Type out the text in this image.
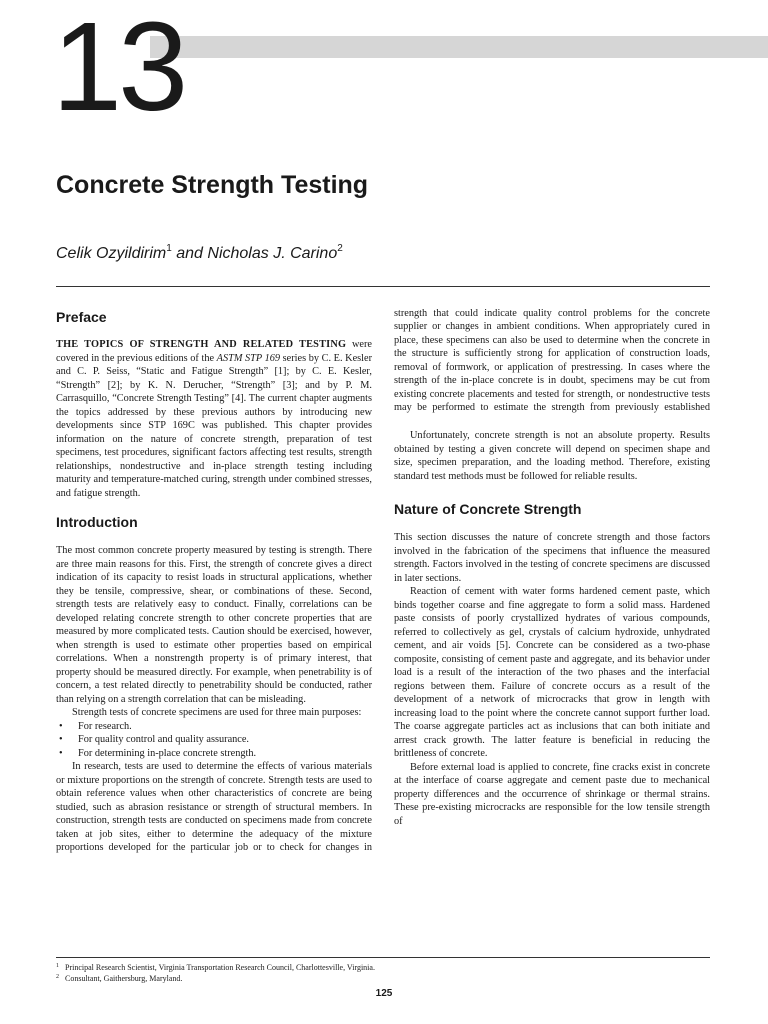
13
Concrete Strength Testing
Celik Ozyildirim$^1$ and Nicholas J. Carino$^2$
Preface

THE TOPICS OF STRENGTH AND RELATED TESTING were covered in the previous editions of the ASTM STP 169 series by C. E. Kesler and C. P. Seiss, “Static and Fatigue Strength” [1]; by C. E. Kesler, “Strength” [2]; by K. N. Derucher, “Strength” [3]; and by P. M. Carrasquillo, “Concrete Strength Testing” [4]. The current chapter augments the topics addressed by these previous authors by introducing new developments since STP 169C was published. This chapter provides information on the nature of concrete strength, preparation of test specimens, test procedures, significant factors affecting test results, strength relationships, nondestructive and in-place strength testing including maturity and temperature-matched curing, strength under combined stresses, and fatigue strength.

Introduction

The most common concrete property measured by testing is strength. There are three main reasons for this. First, the strength of concrete gives a direct indication of its capacity to resist loads in structural applications, whether they be tensile, compressive, shear, or combinations of these. Second, strength tests are relatively easy to conduct. Finally, correlations can be developed relating concrete strength to other concrete properties that are measured by more complicated tests. Caution should be exercised, however, when strength is used to estimate other properties based on empirical correlations. When a nonstrength property is of primary interest, that property should be measured directly. For example, when penetrability is of concern, a test related directly to penetrability should be conducted, rather than relying on a strength correlation that can be misleading.

Strength tests of concrete specimens are used for three main purposes:

• For research.
• For quality control and quality assurance.
• For determining in-place concrete strength.

In research, tests are used to determine the effects of various materials or mixture proportions on the strength of concrete. Strength tests are used to obtain reference values when other characteristics of concrete are being studied, such as abrasion resistance or strength of structural members. In construction, strength tests are conducted on specimens made from concrete taken at job sites, either to determine the adequacy of the mixture proportions developed for the particular job or to check for changes in

strength that could indicate quality control problems for the concrete supplier or changes in ambient conditions. When appropriately cured in place, these specimens can also be used to determine when the concrete in the structure is sufficiently strong for application of construction loads, removal of formwork, or application of prestressing. In cases where the strength of the in-place concrete is in doubt, specimens may be cut from existing concrete placements and tested for strength, or nondestructive tests may be performed to estimate the strength from previously established

Unfortunately, concrete strength is not an absolute property. Results obtained by testing a given concrete will depend on specimen shape and size, specimen preparation, and the loading method. Therefore, existing standard test methods must be followed for reliable results.

Nature of Concrete Strength

This section discusses the nature of concrete strength and those factors involved in the fabrication of the specimens that influence the measured strength. Factors involved in the testing of concrete specimens are discussed in later sections.

Reaction of cement with water forms hardened cement paste, which binds together coarse and fine aggregate to form a solid mass. Hardened paste consists of poorly crystallized hydrates of various compounds, referred to collectively as gel, crystals of calcium hydroxide, unhydrated cement, and air voids [5]. Concrete can be considered as a two-phase composite, consisting of cement paste and aggregate, and its behavior under load is a result of the interaction of the two phases and the interfacial regions between them. Failure of concrete occurs as a result of the development of a network of microcracks that grow in length with increasing load to the point where the concrete cannot support further load. The coarse aggregate particles act as inclusions that can both initiate and arrest crack growth. The latter feature is beneficial in reducing the brittleness of concrete.

Before external load is applied to concrete, fine cracks exist in concrete at the interface of coarse aggregate and cement paste due to mechanical property differences and the occurrence of shrinkage or thermal strains. These pre-existing microcracks are responsible for the low tensile strength of

$^1$ Principal Research Scientist, Virginia Transportation Research Council, Charlottesville, Virginia.
$^2$ Consultant, Gaithersburg, Maryland.
125
